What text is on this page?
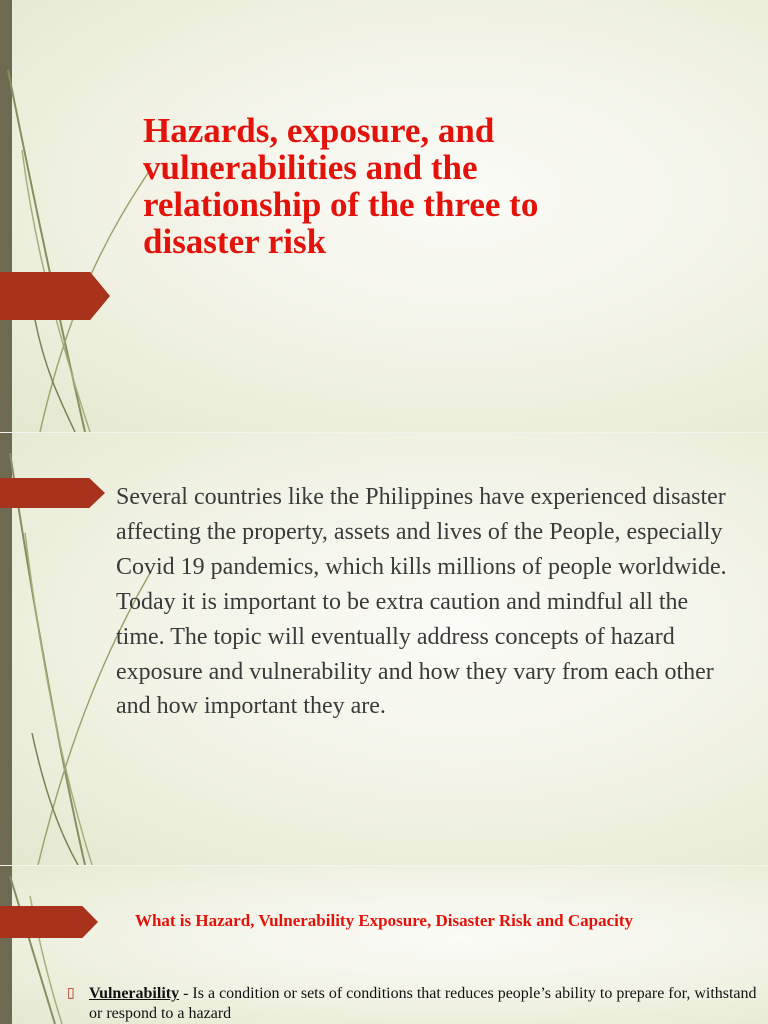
Hazards, exposure, and vulnerabilities and the relationship of the three to disaster risk

Several countries like the Philippines have experienced disaster affecting the property, assets and lives of the People, especially Covid 19 pandemics, which kills millions of people worldwide. Today it is important to be extra caution and mindful all the time. The topic will eventually address concepts of hazard exposure and vulnerability and how they vary from each other and how important they are.

What is Hazard, Vulnerability Exposure, Disaster Risk and Capacity

▯ Vulnerability - Is a condition or sets of conditions that reduces people’s ability to prepare for, withstand or respond to a hazard
